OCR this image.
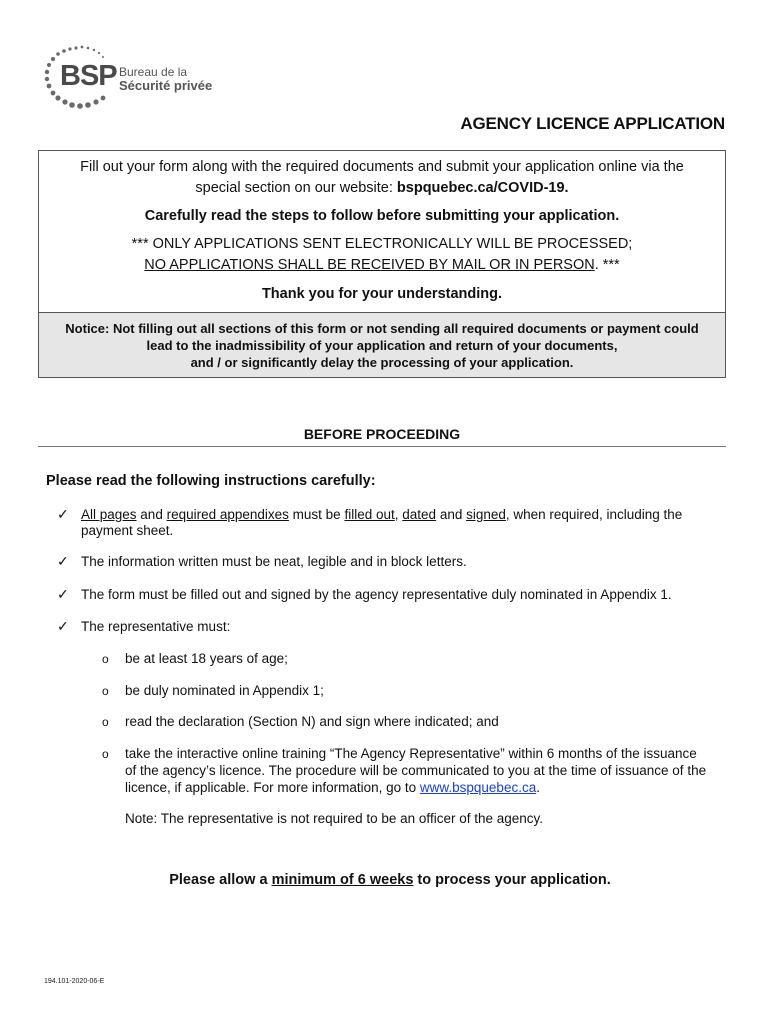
BSP Bureau de la
Sécurité privée
AGENCY LICENCE APPLICATION
Fill out your form along with the required documents and submit your application online via the
special section on our website: bspquebec.ca/COVID-19.
Carefully read the steps to follow before submitting your application.
*** ONLY APPLICATIONS SENT ELECTRONICALLY WILL BE PROCESSED;
NO APPLICATIONS SHALL BE RECEIVED BY MAIL OR IN PERSON. ***
Thank you for your understanding.
Notice: Not filling out all sections of this form or not sending all required documents or payment could
lead to the inadmissibility of your application and return of your documents,
and / or significantly delay the processing of your application.
BEFORE PROCEEDING
Please read the following instructions carefully:
✓ All pages and required appendixes must be filled out, dated and signed, when required, including the
payment sheet.
✓ The information written must be neat, legible and in block letters.
✓ The form must be filled out and signed by the agency representative duly nominated in Appendix 1.
✓ The representative must:
o be at least 18 years of age;
o be duly nominated in Appendix 1;
o read the declaration (Section N) and sign where indicated; and
o take the interactive online training “The Agency Representative” within 6 months of the issuance
of the agency’s licence. The procedure will be communicated to you at the time of issuance of the
licence, if applicable. For more information, go to www.bspquebec.ca.
Note: The representative is not required to be an officer of the agency.
Please allow a minimum of 6 weeks to process your application.
194.101-2020-06-E
